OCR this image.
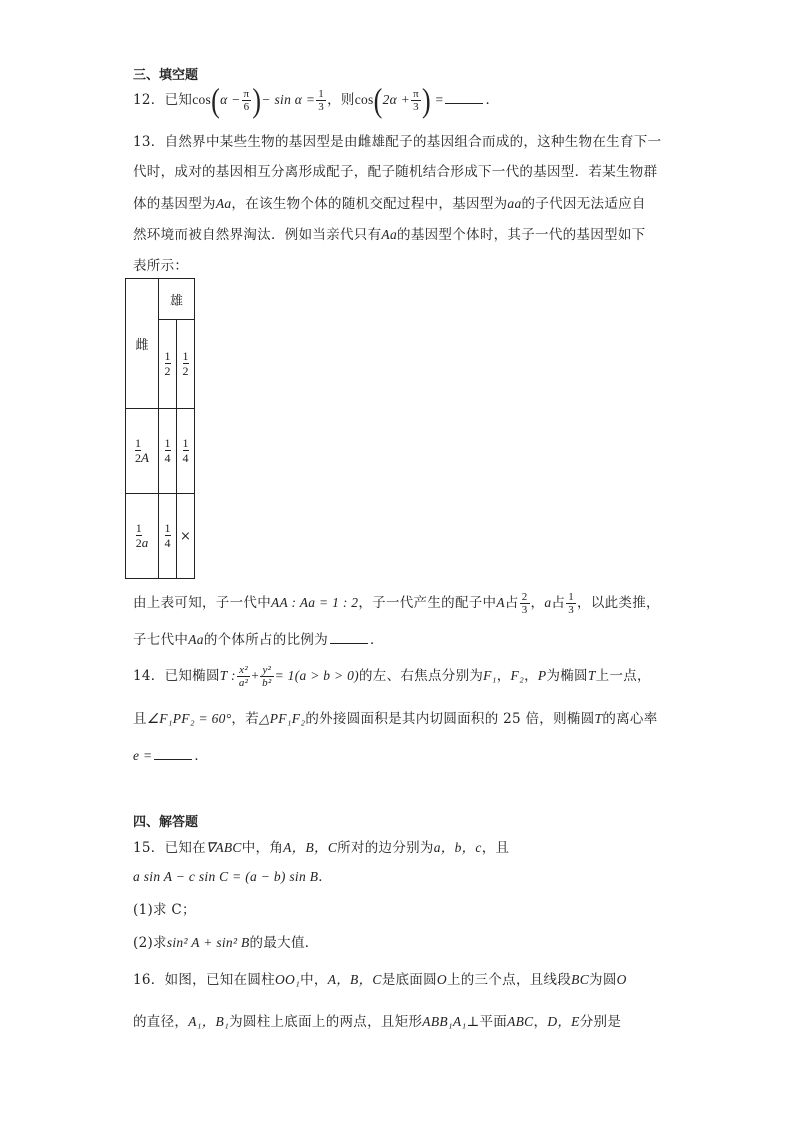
三、填空题
12．已知$\cos(\alpha - \frac{\pi}{6}$ )− $\sin \alpha = \frac{1}{3}$ ，则$\cos(2\alpha + \frac{\pi}{3}$ ) =	．
13．自然界中某些生物的基因型是由雌雄配子的基因组合而成的，这种生物在生育下一
代时，成对的基因相互分离形成配子，配子随机结合形成下一代的基因型．若某生物群
体的基因型为Aa，在该生物个体的随机交配过程中，基因型为aa的子代因无法适应自
然环境而被自然界淘汰．例如当亲代只有Aa的基因型个体时，其子一代的基因型如下
表所示：
雌	雄	

	$\frac{1}{2}$	$\frac{1}{2}$

$\frac{1}{2}A$	$\frac{1}{4}$	$\frac{1}{4}$

$\frac{1}{2}a$	$\frac{1}{4}$	×
由上表可知，子一代中AA : Aa = 1 : 2，子一代产生的配子中A占 $\frac{2}{3}$ ，a占 $\frac{1}{3}$ ，以此类推，
子七代中Aa的个体所占的比例为	．
14．已知椭圆T : $\frac{\text{x²}}{\text{a²}} + \frac{\text{y²}}{\text{b²}} = 1(a > b > 0)$的左、右焦点分别为F₁，F₂，P为椭圆T上一点，
且∠F₁PF₂ = 60°，若△PF₁F₂的外接圆面积是其内切圆面积的 25 倍，则椭圆T的离心率
e =	．
四、解答题
15．已知在∇ABC中，角A，B，C所对的边分别为a，b，c，且
a sin A − c sin C = (a − b) sin B．
(1)求 C；
(2)求sin² A + sin² B的最大值．
16．如图，已知在圆柱OO₁中，A，B，C是底面圆O上的三个点，且线段BC为圆O
的直径，A₁，B₁为圆柱上底面上的两点，且矩形ABB₁A₁⊥平面ABC，D，E分别是
